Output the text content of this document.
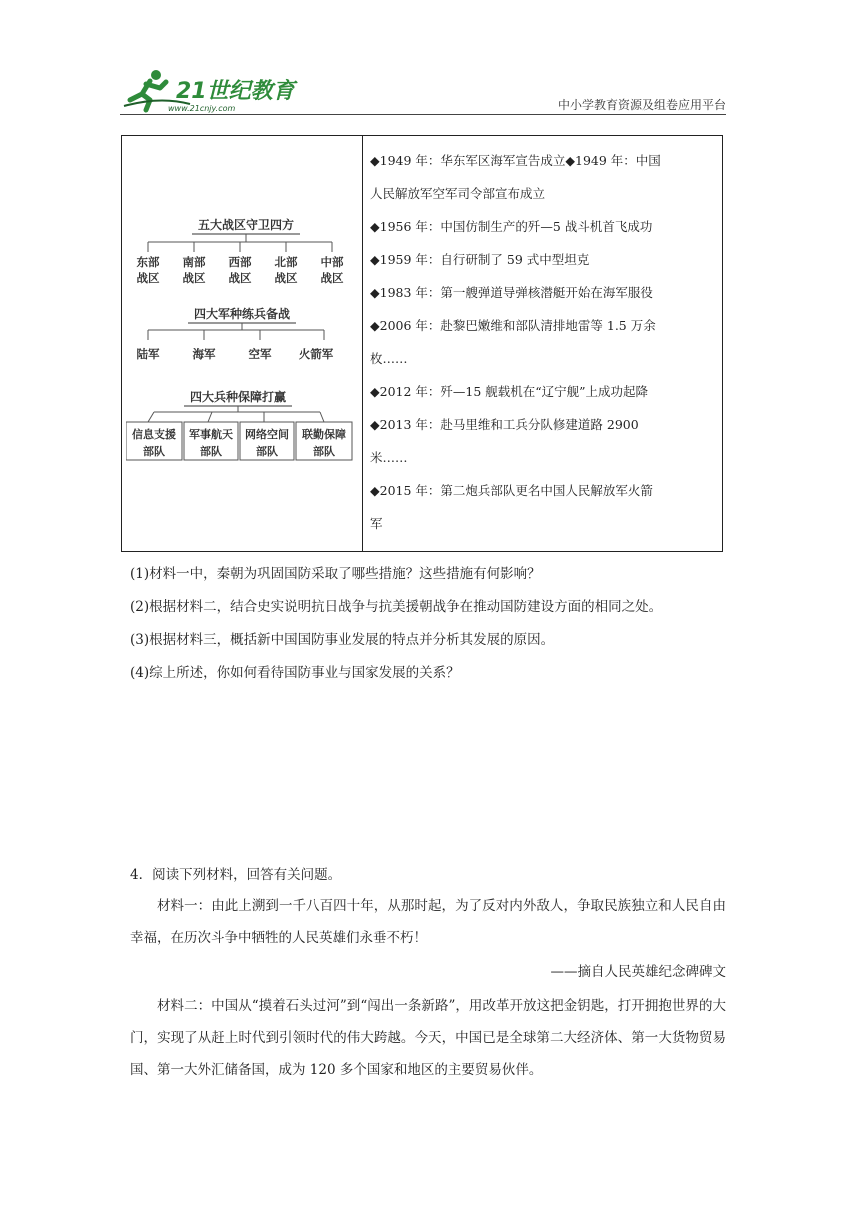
21世纪教育
www.21cnjy.com	中小学教育资源及组卷应用平台
五大战区守卫四方
东部
战区
南部
战区
西部
战区
北部
战区
中部
战区
四大军种练兵备战
陆军	海军	空军 火箭军
四大兵种保障打赢
信息支援
部队
军事航天
部队
网络空间
部队
联勤保障
部队
◆1949 年：华东军区海军宣告成立◆1949 年：中国
人民解放军空军司令部宣布成立
◆1956 年：中国仿制生产的歼—5 战斗机首飞成功
◆1959 年：自行研制了 59 式中型坦克
◆1983 年：第一艘弹道导弹核潜艇开始在海军服役
◆2006 年：赴黎巴嫩维和部队清排地雷等 1.5 万余
枚……
◆2012 年：歼—15 舰载机在“辽宁舰”上成功起降
◆2013 年：赴马里维和工兵分队修建道路 2900
米……
◆2015 年：第二炮兵部队更名中国人民解放军火箭
军
(1)材料一中，秦朝为巩固国防采取了哪些措施？这些措施有何影响？
(2)根据材料二，结合史实说明抗日战争与抗美援朝战争在推动国防建设方面的相同之处。
(3)根据材料三，概括新中国国防事业发展的特点并分析其发展的原因。
(4)综上所述，你如何看待国防事业与国家发展的关系？
4．阅读下列材料，回答有关问题。
材料一：由此上溯到一千八百四十年，从那时起，为了反对内外敌人，争取民族独立和人民自由幸福，在历次斗争中牺牲的人民英雄们永垂不朽！
——摘自人民英雄纪念碑碑文
材料二：中国从“摸着石头过河”到“闯出一条新路”，用改革开放这把金钥匙，打开拥抱世界的大门，实现了从赶上时代到引领时代的伟大跨越。今天，中国已是全球第二大经济体、第一大货物贸易国、第一大外汇储备国，成为 120 多个国家和地区的主要贸易伙伴。
